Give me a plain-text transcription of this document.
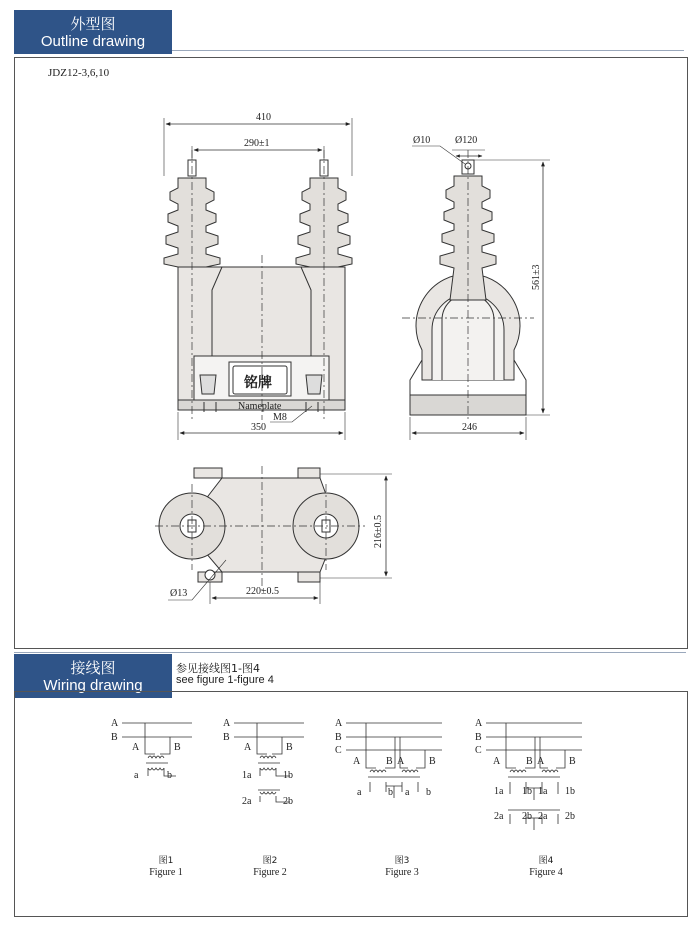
外型图
Outline drawing
JDZ12-3,6,10
410
290±1
铭牌
Nameplate
M8
350
Ø10 Ø120
561±3
246
216±0.5
Ø13	220±0.5
接线图
Wiring drawing
参见接线图1-图4
see figure 1-figure 4
A
B
A	B
a	b
A
B
A	B
1a	1b
2a	2b
A
B
C
A	B A B
a	b a b
A
B
C
A	B A B
1a 1b 1a 1b
2a 2b 2a 2b
图1
Figure 1
图2
Figure 2
图3
Figure 3
图4
Figure 4
